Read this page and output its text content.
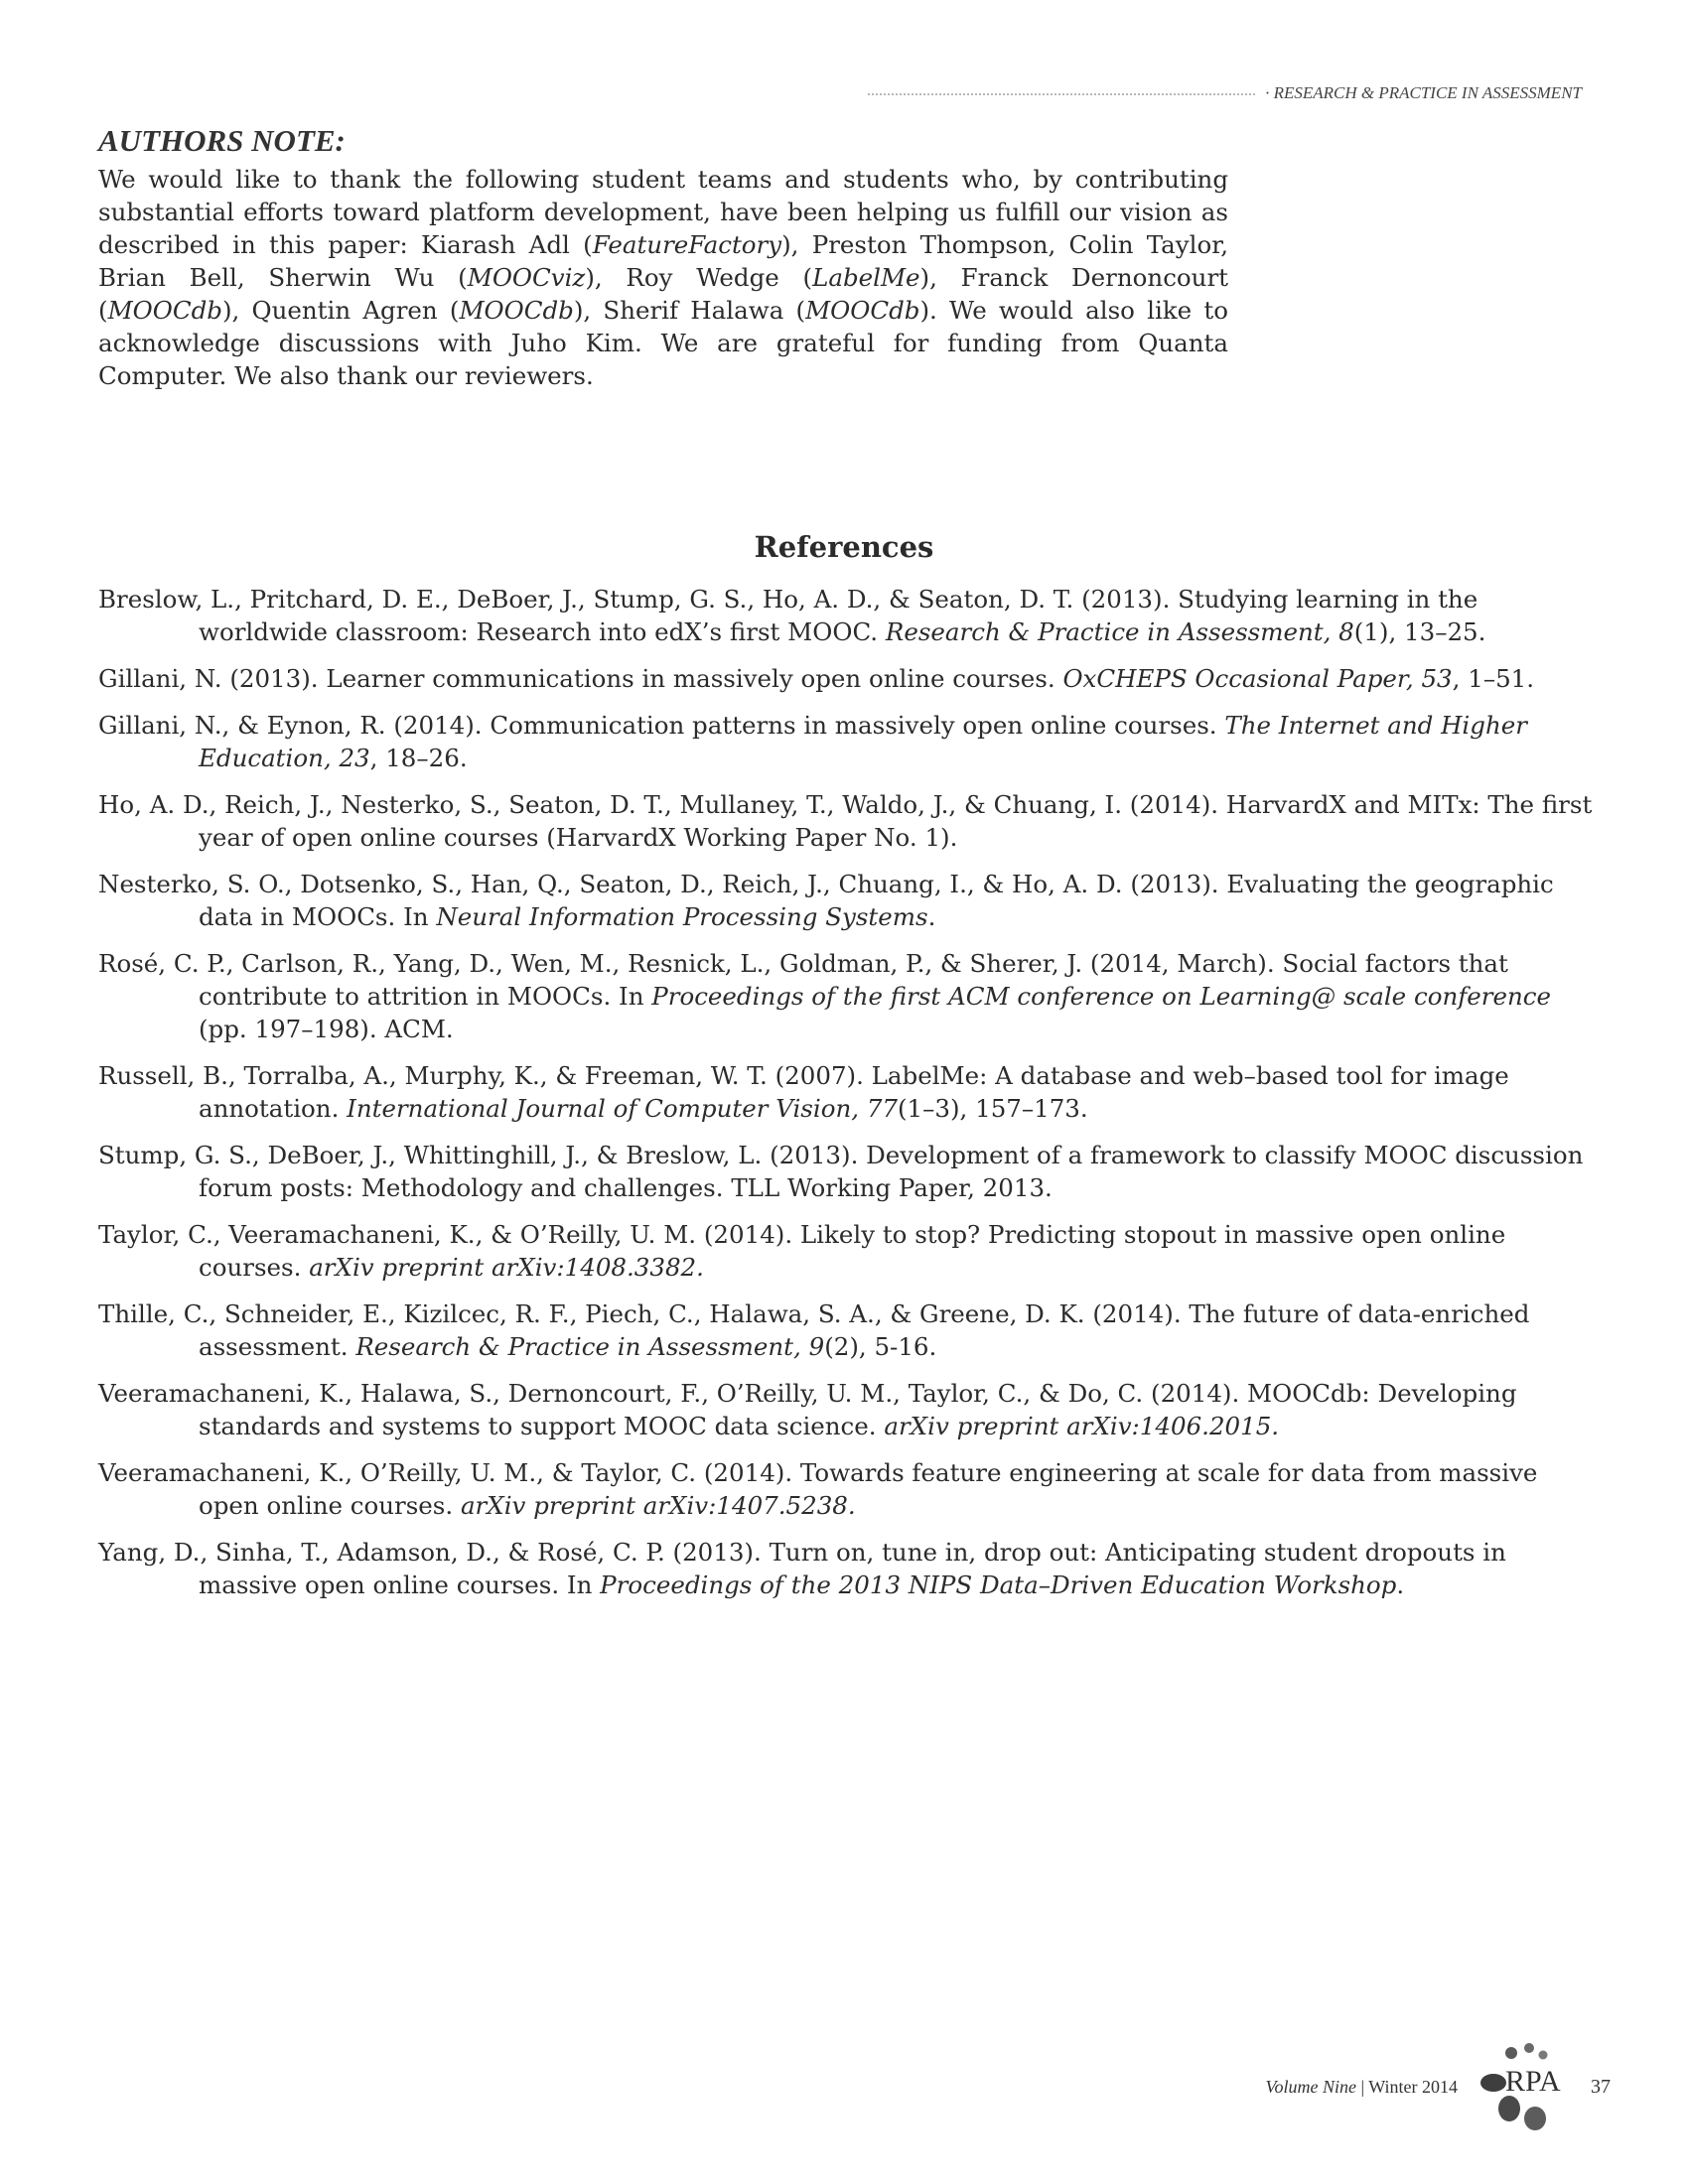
· RESEARCH & PRACTICE IN ASSESSMENT
AUTHORS NOTE:

We would like to thank the following student teams and students who, by contributing substantial efforts toward platform development, have been helping us fulfill our vision as described in this paper: Kiarash Adl (FeatureFactory), Preston Thompson, Colin Taylor, Brian Bell, Sherwin Wu (MOOCviz), Roy Wedge (LabelMe), Franck Dernoncourt (MOOCdb), Quentin Agren (MOOCdb), Sherif Halawa (MOOCdb). We would also like to acknowledge discussions with Juho Kim. We are grateful for funding from Quanta Computer. We also thank our reviewers.

References
Breslow, L., Pritchard, D. E., DeBoer, J., Stump, G. S., Ho, A. D., & Seaton, D. T. (2013). Studying learning in the worldwide classroom: Research into edX’s first MOOC. Research & Practice in Assessment, 8(1), 13–25.
Gillani, N. (2013). Learner communications in massively open online courses. OxCHEPS Occasional Paper, 53, 1–51.
Gillani, N., & Eynon, R. (2014). Communication patterns in massively open online courses. The Internet and Higher Education, 23, 18–26.
Ho, A. D., Reich, J., Nesterko, S., Seaton, D. T., Mullaney, T., Waldo, J., & Chuang, I. (2014). HarvardX and MITx: The first year of open online courses (HarvardX Working Paper No. 1).
Nesterko, S. O., Dotsenko, S., Han, Q., Seaton, D., Reich, J., Chuang, I., & Ho, A. D. (2013). Evaluating the geographic data in MOOCs. In Neural Information Processing Systems.
Rosé, C. P., Carlson, R., Yang, D., Wen, M., Resnick, L., Goldman, P., & Sherer, J. (2014, March). Social factors that contribute to attrition in MOOCs. In Proceedings of the first ACM conference on Learning@ scale conference (pp. 197–198). ACM.
Russell, B., Torralba, A., Murphy, K., & Freeman, W. T. (2007). LabelMe: A database and web–based tool for image annotation. International Journal of Computer Vision, 77(1–3), 157–173.
Stump, G. S., DeBoer, J., Whittinghill, J., & Breslow, L. (2013). Development of a framework to classify MOOC discussion forum posts: Methodology and challenges. TLL Working Paper, 2013.
Taylor, C., Veeramachaneni, K., & O’Reilly, U. M. (2014). Likely to stop? Predicting stopout in massive open online courses. arXiv preprint arXiv:1408.3382.
Thille, C., Schneider, E., Kizilcec, R. F., Piech, C., Halawa, S. A., & Greene, D. K. (2014). The future of data-enriched assessment. Research & Practice in Assessment, 9(2), 5-16.
Veeramachaneni, K., Halawa, S., Dernoncourt, F., O’Reilly, U. M., Taylor, C., & Do, C. (2014). MOOCdb: Developing standards and systems to support MOOC data science. arXiv preprint arXiv:1406.2015.
Veeramachaneni, K., O’Reilly, U. M., & Taylor, C. (2014). Towards feature engineering at scale for data from massive open online courses. arXiv preprint arXiv:1407.5238.
Yang, D., Sinha, T., Adamson, D., & Rosé, C. P. (2013). Turn on, tune in, drop out: Anticipating student dropouts in massive open online courses. In Proceedings of the 2013 NIPS Data–Driven Education Workshop.
Volume Nine | Winter 2014 RPA 37
